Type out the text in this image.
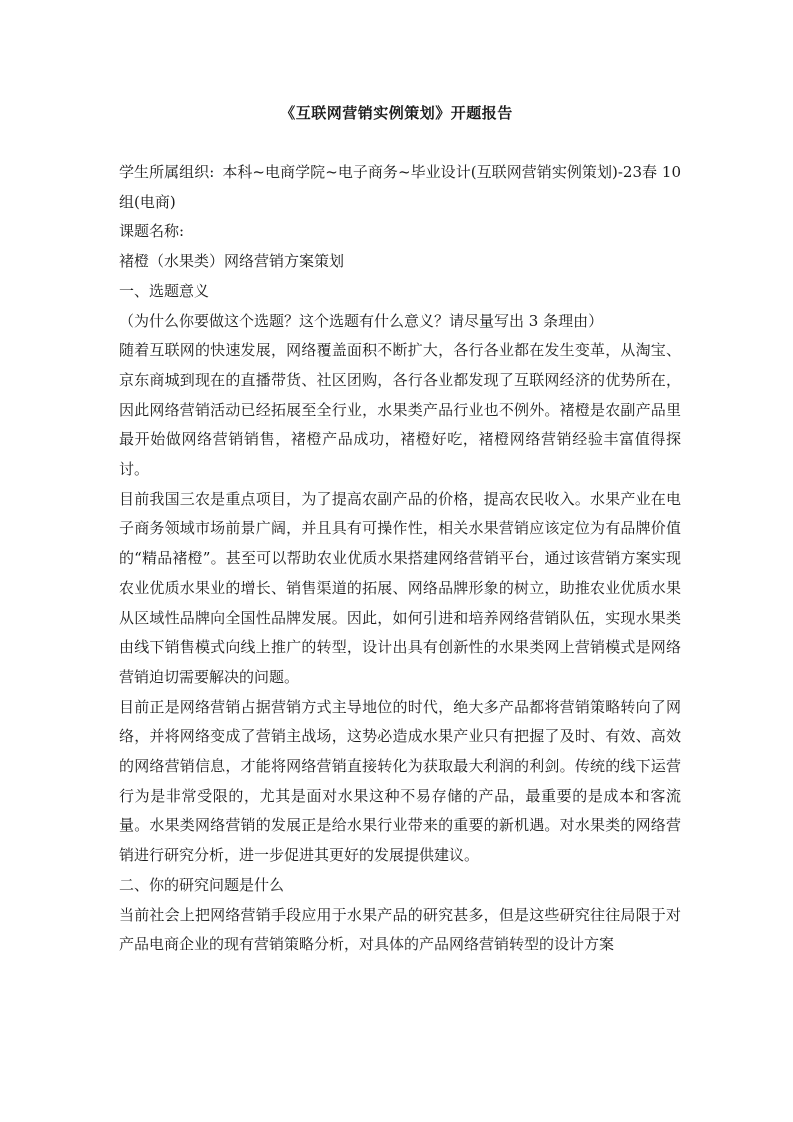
《互联网营销实例策划》开题报告

学生所属组织: 本科~电商学院~电子商务~毕业设计(互联网营销实例策划)-23春 10 组(电商)

课题名称:

褚橙（水果类）网络营销方案策划

一、选题意义

（为什么你要做这个选题？这个选题有什么意义？请尽量写出 3 条理由）

随着互联网的快速发展，网络覆盖面积不断扩大，各行各业都在发生变革，从淘宝、京东商城到现在的直播带货、社区团购，各行各业都发现了互联网经济的优势所在，因此网络营销活动已经拓展至全行业，水果类产品行业也不例外。褚橙是农副产品里最开始做网络营销销售，褚橙产品成功，褚橙好吃，褚橙网络营销经验丰富值得探讨。

目前我国三农是重点项目，为了提高农副产品的价格，提高农民收入。水果产业在电子商务领域市场前景广阔，并且具有可操作性，相关水果营销应该定位为有品牌价值的“精品褚橙”。甚至可以帮助农业优质水果搭建网络营销平台，通过该营销方案实现农业优质水果业的增长、销售渠道的拓展、网络品牌形象的树立，助推农业优质水果从区域性品牌向全国性品牌发展。因此，如何引进和培养网络营销队伍，实现水果类由线下销售模式向线上推广的转型，设计出具有创新性的水果类网上营销模式是网络营销迫切需要解决的问题。

目前正是网络营销占据营销方式主导地位的时代，绝大多产品都将营销策略转向了网络，并将网络变成了营销主战场，这势必造成水果产业只有把握了及时、有效、高效的网络营销信息，才能将网络营销直接转化为获取最大利润的利剑。传统的线下运营行为是非常受限的，尤其是面对水果这种不易存储的产品，最重要的是成本和客流量。水果类网络营销的发展正是给水果行业带来的重要的新机遇。对水果类的网络营销进行研究分析，进一步促进其更好的发展提供建议。

二、你的研究问题是什么

当前社会上把网络营销手段应用于水果产品的研究甚多，但是这些研究往往局限于对产品电商企业的现有营销策略分析，对具体的产品网络营销转型的设计方案
